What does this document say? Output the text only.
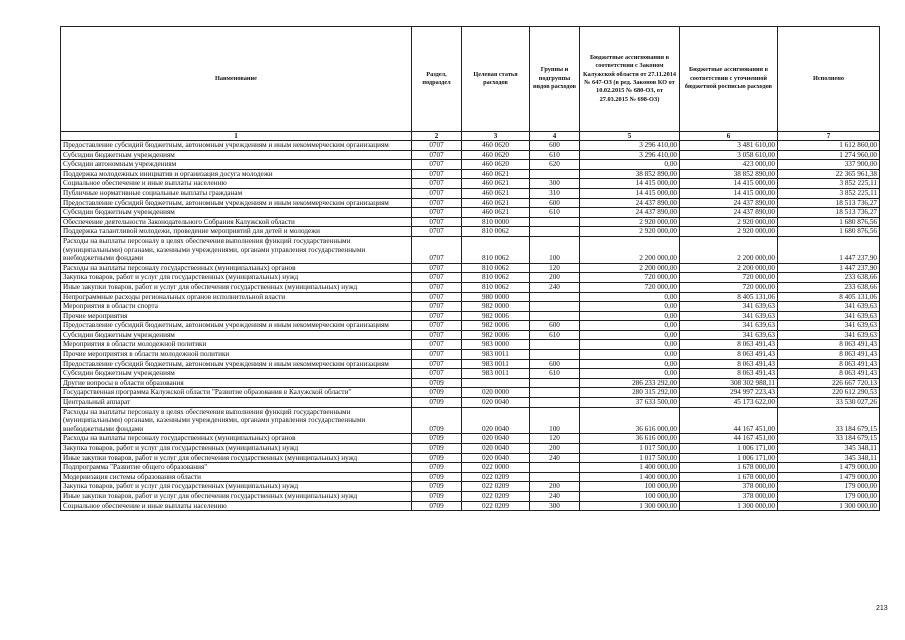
Наименование	Раздел, подраздел	Целевая статья расходов	Группы и подгруппы видов расходов	Бюджетные ассигнования в соответствии с Законом Калужской области от 27.11.2014 № 647-ОЗ (в ред. Законов КО от 10.02.2015 № 680-ОЗ, от 27.03.2015 № 698-ОЗ)	Бюджетные ассигнования в соответствии с уточненной бюджетной росписью расходов	Исполнено
1	2	3	4	5	6	7
Предоставление субсидий бюджетным, автономным учреждениям и иным некоммерческим организациям	0707	460 0620	600	3 296 410,00	3 481 610,00	1 612 860,00
Субсидии бюджетным учреждениям	0707	460 0620	610	3 296 410,00	3 058 610,00	1 274 960,00
Субсидии автономным учреждениям	0707	460 0620	620	0,00	423 000,00	337 900,00
Поддержка молодежных инициатив и организация досуга молодежи	0707	460 0621		38 852 890,00	38 852 890,00	22 365 961,38
Социальное обеспечение и иные выплаты населению	0707	460 0621	300	14 415 000,00	14 415 000,00	3 852 225,11
Публичные нормативные социальные выплаты гражданам	0707	460 0621	310	14 415 000,00	14 415 000,00	3 852 225,11
Предоставление субсидий бюджетным, автономным учреждениям и иным некоммерческим организациям	0707	460 0621	600	24 437 890,00	24 437 890,00	18 513 736,27
Субсидии бюджетным учреждениям	0707	460 0621	610	24 437 890,00	24 437 890,00	18 513 736,27
Обеспечение деятельности Законодательного Собрания Калужской области	0707	810 0000		2 920 000,00	2 920 000,00	1 680 876,56
Поддержка талантливой молодежи, проведение мероприятий для детей и молодежи	0707	810 0062		2 920 000,00	2 920 000,00	1 680 876,56
Расходы на выплаты персоналу в целях обеспечения выполнения функций государственными (муниципальными) органами, казенными учреждениями, органами управления государственными внебюджетными фондами	0707	810 0062	100	2 200 000,00	2 200 000,00	1 447 237,90
Расходы на выплаты персоналу государственных (муниципальных) органов	0707	810 0062	120	2 200 000,00	2 200 000,00	1 447 237,90
Закупка товаров, работ и услуг для государственных (муниципальных) нужд	0707	810 0062	200	720 000,00	720 000,00	233 638,66
Иные закупки товаров, работ и услуг для обеспечения государственных (муниципальных) нужд	0707	810 0062	240	720 000,00	720 000,00	233 638,66
Непрограммные расходы региональных органов исполнительной власти	0707	980 0000		0,00	8 405 131,06	8 405 131,06
Мероприятия в области спорта	0707	982 0000		0,00	341 639,63	341 639,63
Прочие мероприятия	0707	982 0006		0,00	341 639,63	341 639,63
Предоставление субсидий бюджетным, автономным учреждениям и иным некоммерческим организациям	0707	982 0006	600	0,00	341 639,63	341 639,63
Субсидии бюджетным учреждениям	0707	982 0006	610	0,00	341 639,63	341 639,63
Мероприятия в области молодежной политики	0707	983 0000		0,00	8 063 491,43	8 063 491,43
Прочие мероприятия в области молодежной политики	0707	983 0011		0,00	8 063 491,43	8 063 491,43
Предоставление субсидий бюджетным, автономным учреждениям и иным некоммерческим организациям	0707	983 0011	600	0,00	8 063 491,43	8 063 491,43
Субсидии бюджетным учреждениям	0707	983 0011	610	0,00	8 063 491,43	8 063 491,43
Другие вопросы в области образования	0709			286 233 292,00	308 302 988,11	226 667 720,13
Государственная программа Калужской области "Развитие образования в Калужской области"	0709	020 0000		280 315 292,00	294 997 223,43	220 612 290,53
Центральный аппарат	0709	020 0040		37 633 500,00	45 173 622,00	33 530 027,26
Расходы на выплаты персоналу в целях обеспечения выполнения функций государственными (муниципальными) органами, казенными учреждениями, органами управления государственными внебюджетными фондами	0709	020 0040	100	36 616 000,00	44 167 451,00	33 184 679,15
Расходы на выплаты персоналу государственных (муниципальных) органов	0709	020 0040	120	36 616 000,00	44 167 451,00	33 184 679,15
Закупка товаров, работ и услуг для государственных (муниципальных) нужд	0709	020 0040	200	1 017 500,00	1 006 171,00	345 348,11
Иные закупки товаров, работ и услуг для обеспечения государственных (муниципальных) нужд	0709	020 0040	240	1 017 500,00	1 006 171,00	345 348,11
Подпрограмма "Развитие общего образования"	0709	022 0000		1 400 000,00	1 678 000,00	1 479 000,00
Модернизация системы образования области	0709	022 0209		1 400 000,00	1 678 000,00	1 479 000,00
Закупка товаров, работ и услуг для государственных (муниципальных) нужд	0709	022 0209	200	100 000,00	378 000,00	179 000,00
Иные закупки товаров, работ и услуг для обеспечения государственных (муниципальных) нужд	0709	022 0209	240	100 000,00	378 000,00	179 000,00
Социальное обеспечение и иные выплаты населению	0709	022 0209	300	1 300 000,00	1 300 000,00	1 300 000,00
213
